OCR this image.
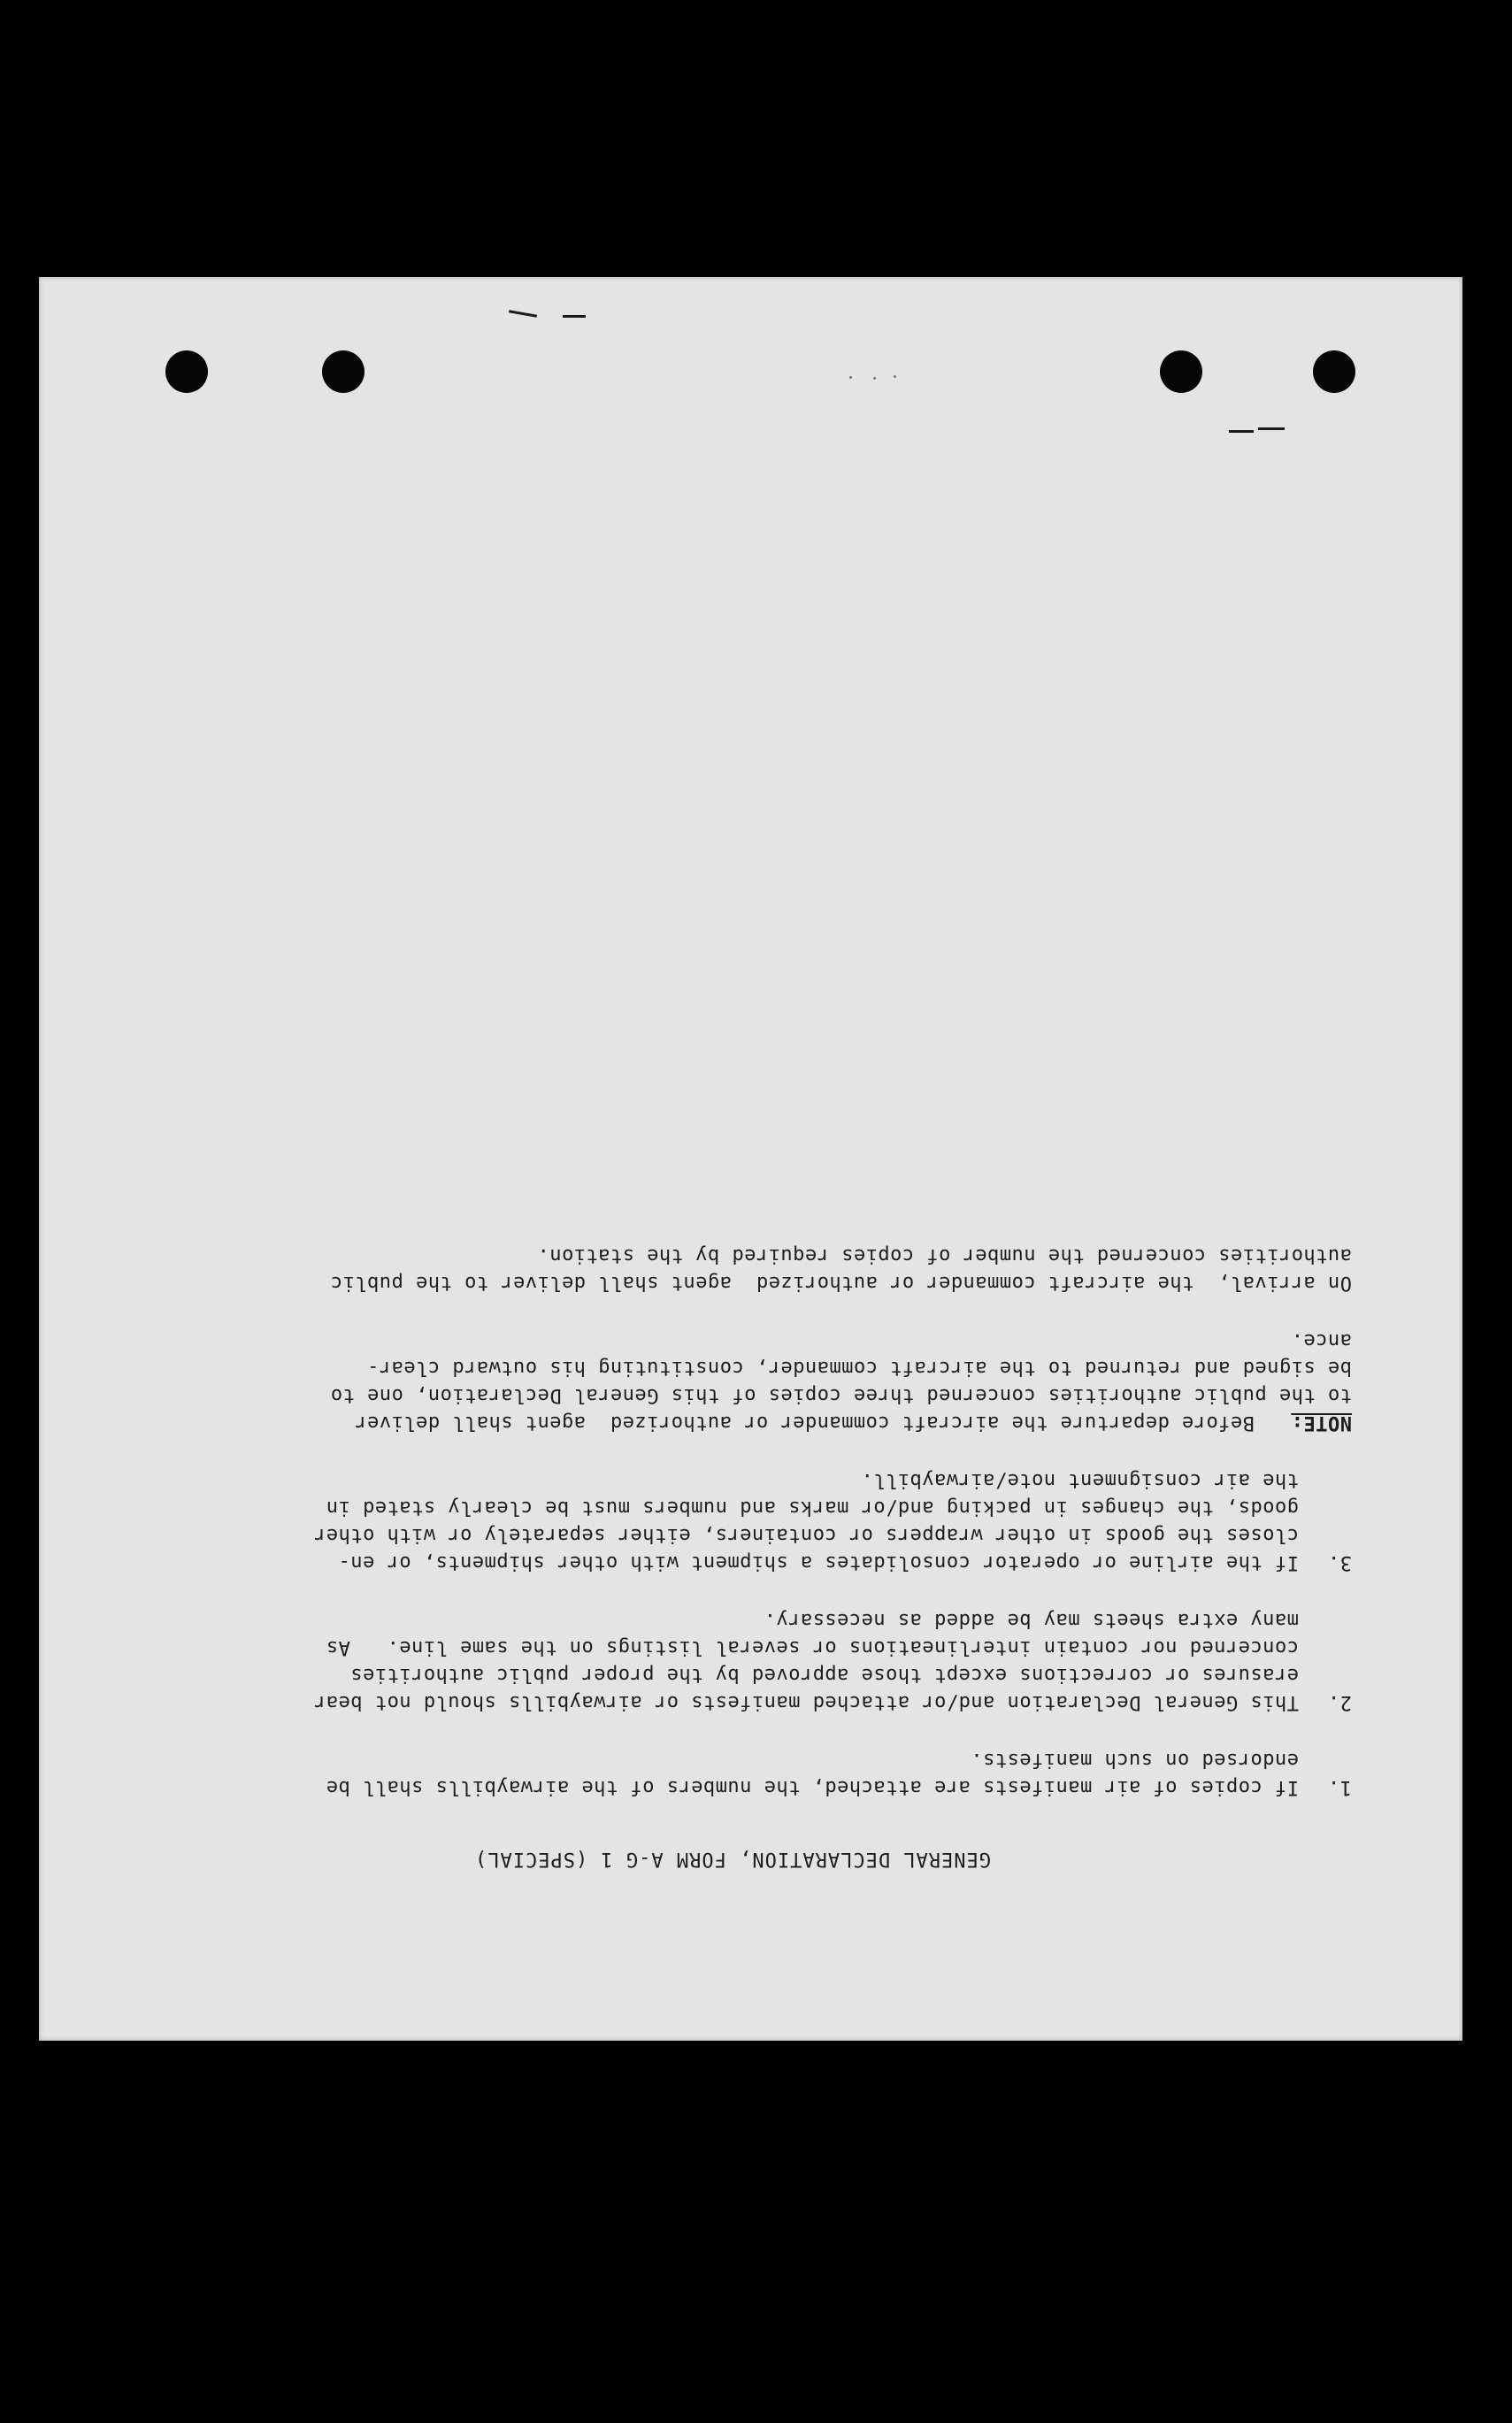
GENERAL DECLARATION, FORM A-G 1 (SPECIAL)
1.
If copies of air manifests are attached, the numbers of the airwaybills shall be
endorsed on such manifests.
2.
This General Declaration and/or attached manifests or airwaybills should not bear
erasures or corrections except those approved by the proper public authorities
concerned nor contain interlineations or several listings on the same line.   As
many extra sheets may be added as necessary.
3.
If the airline or operator consolidates a shipment with other shipments, or en-
closes the goods in other wrappers or containers, either separately or with other
goods, the changes in packing and/or marks and numbers must be clearly stated in
the air consignment note/airwaybill.
NOTE:   Before departure the aircraft commander or authorized  agent shall deliver
to the public authorities concerned three copies of this General Declaration, one to
be signed and returned to the aircraft commander, constituting his outward clear-
ance.
On arrival,  the aircraft commander or authorized  agent shall deliver to the public
authorities concerned the number of copies required by the station.
